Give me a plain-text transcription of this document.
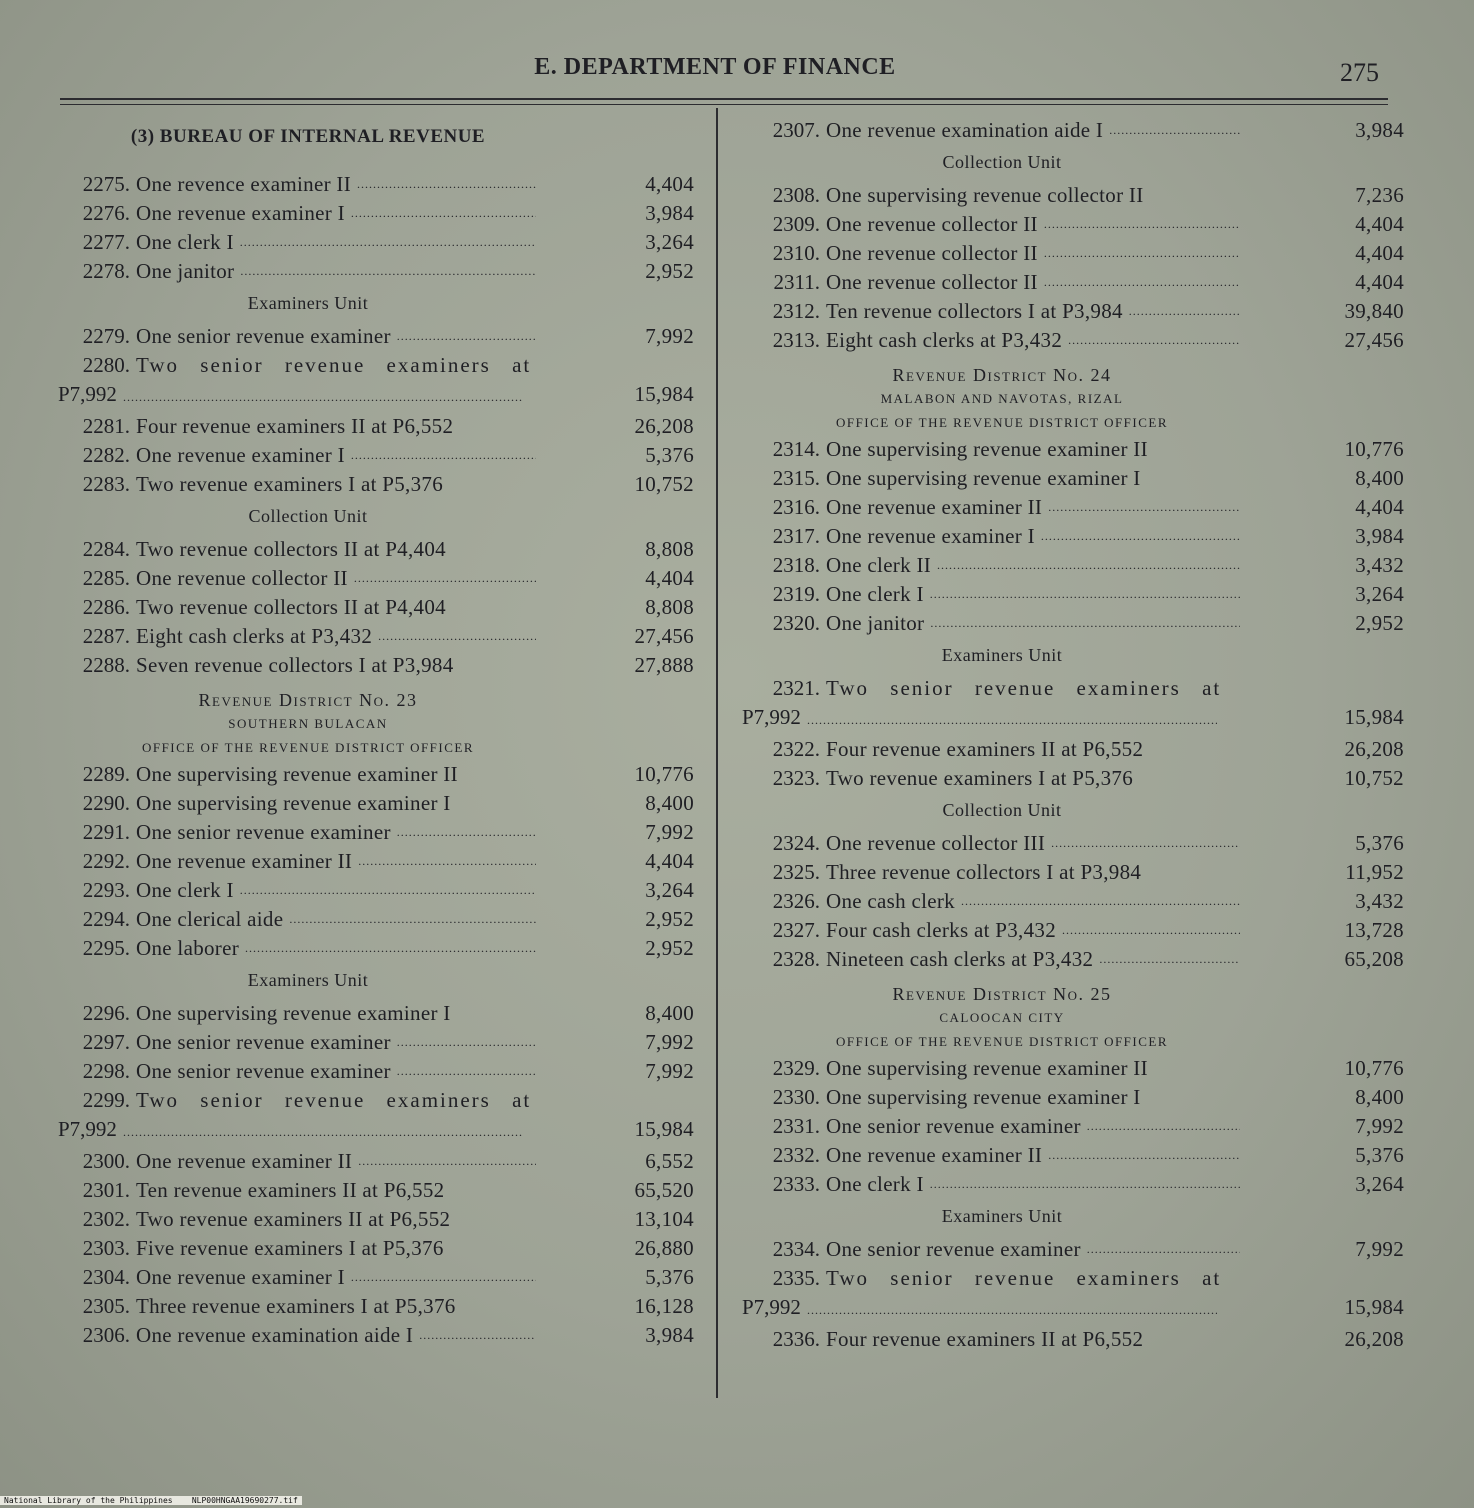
E. DEPARTMENT OF FINANCE	275
(3) BUREAU OF INTERNAL REVENUE
2275. One revence examiner II .....	4,404
2276. One revenue examiner I .....	3,984
2277. One clerk I .....	3,264
2278. One janitor .....	2,952
Examiners Unit
2279. One senior revenue examiner .....	7,992
2280. Two senior revenue examiners at
P7,992 .....	15,984
2281. Four revenue examiners II at P6,552	26,208
2282. One revenue examiner I .....	5,376
2283. Two revenue examiners I at P5,376	10,752
Collection Unit
2284. Two revenue collectors II at P4,404	8,808
2285. One revenue collector II .....	4,404
2286. Two revenue collectors II at P4,404	8,808
2287. Eight cash clerks at P3,432 .....	27,456
2288. Seven revenue collectors I at P3,984	27,888
Revenue District No. 23
SOUTHERN BULACAN
OFFICE OF THE REVENUE DISTRICT OFFICER
2289. One supervising revenue examiner II	10,776
2290. One supervising revenue examiner I	8,400
2291. One senior revenue examiner .....	7,992
2292. One revenue examiner II .....	4,404
2293. One clerk I .....	3,264
2294. One clerical aide .....	2,952
2295. One laborer .....	2,952
Examiners Unit
2296. One supervising revenue examiner I	8,400
2297. One senior revenue examiner .....	7,992
2298. One senior revenue examiner .....	7,992
2299. Two senior revenue examiners at
P7,992 .....	15,984
2300. One revenue examiner II .....	6,552
2301. Ten revenue examiners II at P6,552	65,520
2302. Two revenue examiners II at P6,552	13,104
2303. Five revenue examiners I at P5,376	26,880
2304. One revenue examiner I .....	5,376
2305. Three revenue examiners I at P5,376	16,128
2306. One revenue examination aide I .....	3,984
2307. One revenue examination aide I .....	3,984
Collection Unit
2308. One supervising revenue collector II	7,236
2309. One revenue collector II .....	4,404
2310. One revenue collector II .....	4,404
2311. One revenue collector II .....	4,404
2312. Ten revenue collectors I at P3,984 .....	39,840
2313. Eight cash clerks at P3,432 .....	27,456
Revenue District No. 24
MALABON AND NAVOTAS, RIZAL
OFFICE OF THE REVENUE DISTRICT OFFICER
2314. One supervising revenue examiner II	10,776
2315. One supervising revenue examiner I	8,400
2316. One revenue examiner II .....	4,404
2317. One revenue examiner I .....	3,984
2318. One clerk II .....	3,432
2319. One clerk I .....	3,264
2320. One janitor .....	2,952
Examiners Unit
2321. Two senior revenue examiners at
P7,992 .....	15,984
2322. Four revenue examiners II at P6,552	26,208
2323. Two revenue examiners I at P5,376	10,752
Collection Unit
2324. One revenue collector III .....	5,376
2325. Three revenue collectors I at P3,984	11,952
2326. One cash clerk .....	3,432
2327. Four cash clerks at P3,432 .....	13,728
2328. Nineteen cash clerks at P3,432 .....	65,208
Revenue District No. 25
CALOOCAN CITY
OFFICE OF THE REVENUE DISTRICT OFFICER
2329. One supervising revenue examiner II	10,776
2330. One supervising revenue examiner I	8,400
2331. One senior revenue examiner .....	7,992
2332. One revenue examiner II .....	5,376
2333. One clerk I .....	3,264
Examiners Unit
2334. One senior revenue examiner .....	7,992
2335. Two senior revenue examiners at
P7,992 .....	15,984
2336. Four revenue examiners II at P6,552	26,208
National Library of the Philippines NLP00HNGAA19690277.tif
